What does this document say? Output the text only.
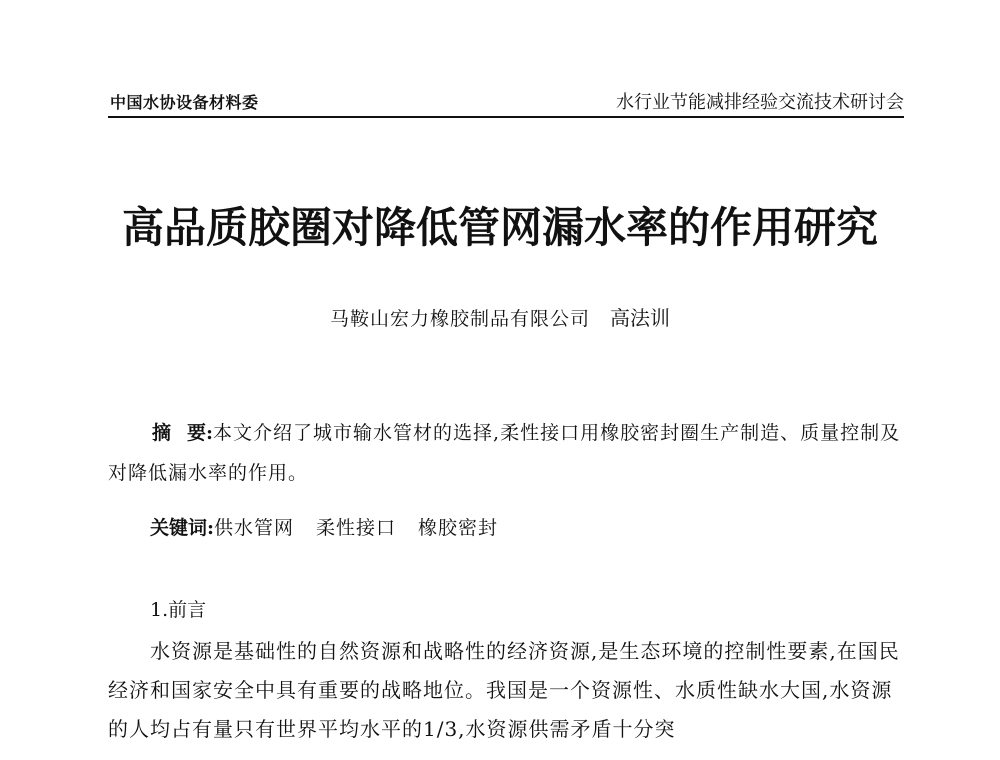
中国水协设备材料委	水行业节能减排经验交流技术研讨会
高品质胶圈对降低管网漏水率的作用研究
马鞍山宏力橡胶制品有限公司 高法训
摘 要:本文介绍了城市输水管材的选择,柔性接口用橡胶密封圈生产制造、质量控制及对降低漏水率的作用。
关键词:供水管网 柔性接口 橡胶密封
1.前言
水资源是基础性的自然资源和战略性的经济资源,是生态环境的控制性要素,在国民经济和国家安全中具有重要的战略地位。我国是一个资源性、水质性缺水大国,水资源的人均占有量只有世界平均水平的1/3,水资源供需矛盾十分突
